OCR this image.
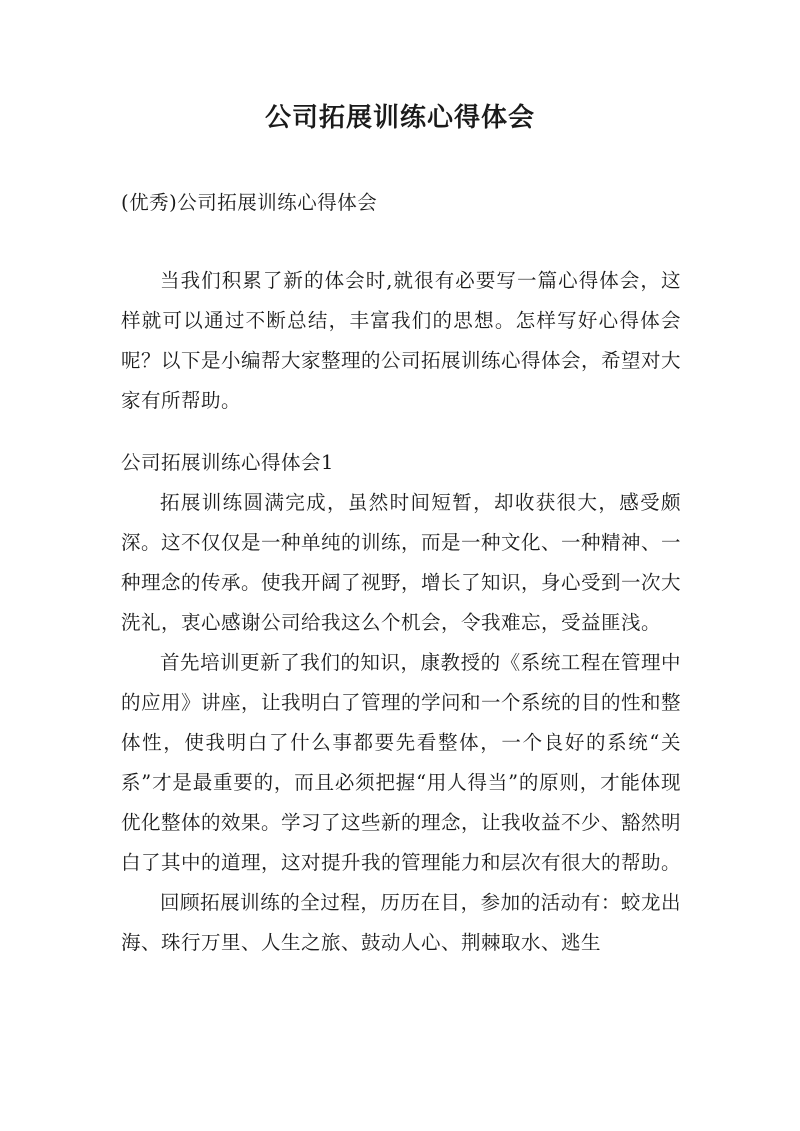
公司拓展训练心得体会
(优秀)公司拓展训练心得体会

当我们积累了新的体会时,就很有必要写一篇心得体会，这样就可以通过不断总结，丰富我们的思想。怎样写好心得体会呢？以下是小编帮大家整理的公司拓展训练心得体会，希望对大家有所帮助。

公司拓展训练心得体会1

拓展训练圆满完成，虽然时间短暂，却收获很大，感受颇深。这不仅仅是一种单纯的训练，而是一种文化、一种精神、一种理念的传承。使我开阔了视野，增长了知识，身心受到一次大洗礼，衷心感谢公司给我这么个机会，令我难忘，受益匪浅。

首先培训更新了我们的知识，康教授的《系统工程在管理中的应用》讲座，让我明白了管理的学问和一个系统的目的性和整体性，使我明白了什么事都要先看整体，一个良好的系统“关系”才是最重要的，而且必须把握“用人得当”的原则，才能体现优化整体的效果。学习了这些新的理念，让我收益不少、豁然明白了其中的道理，这对提升我的管理能力和层次有很大的帮助。

回顾拓展训练的全过程，历历在目，参加的活动有：蛟龙出海、珠行万里、人生之旅、鼓动人心、荆棘取水、逃生
